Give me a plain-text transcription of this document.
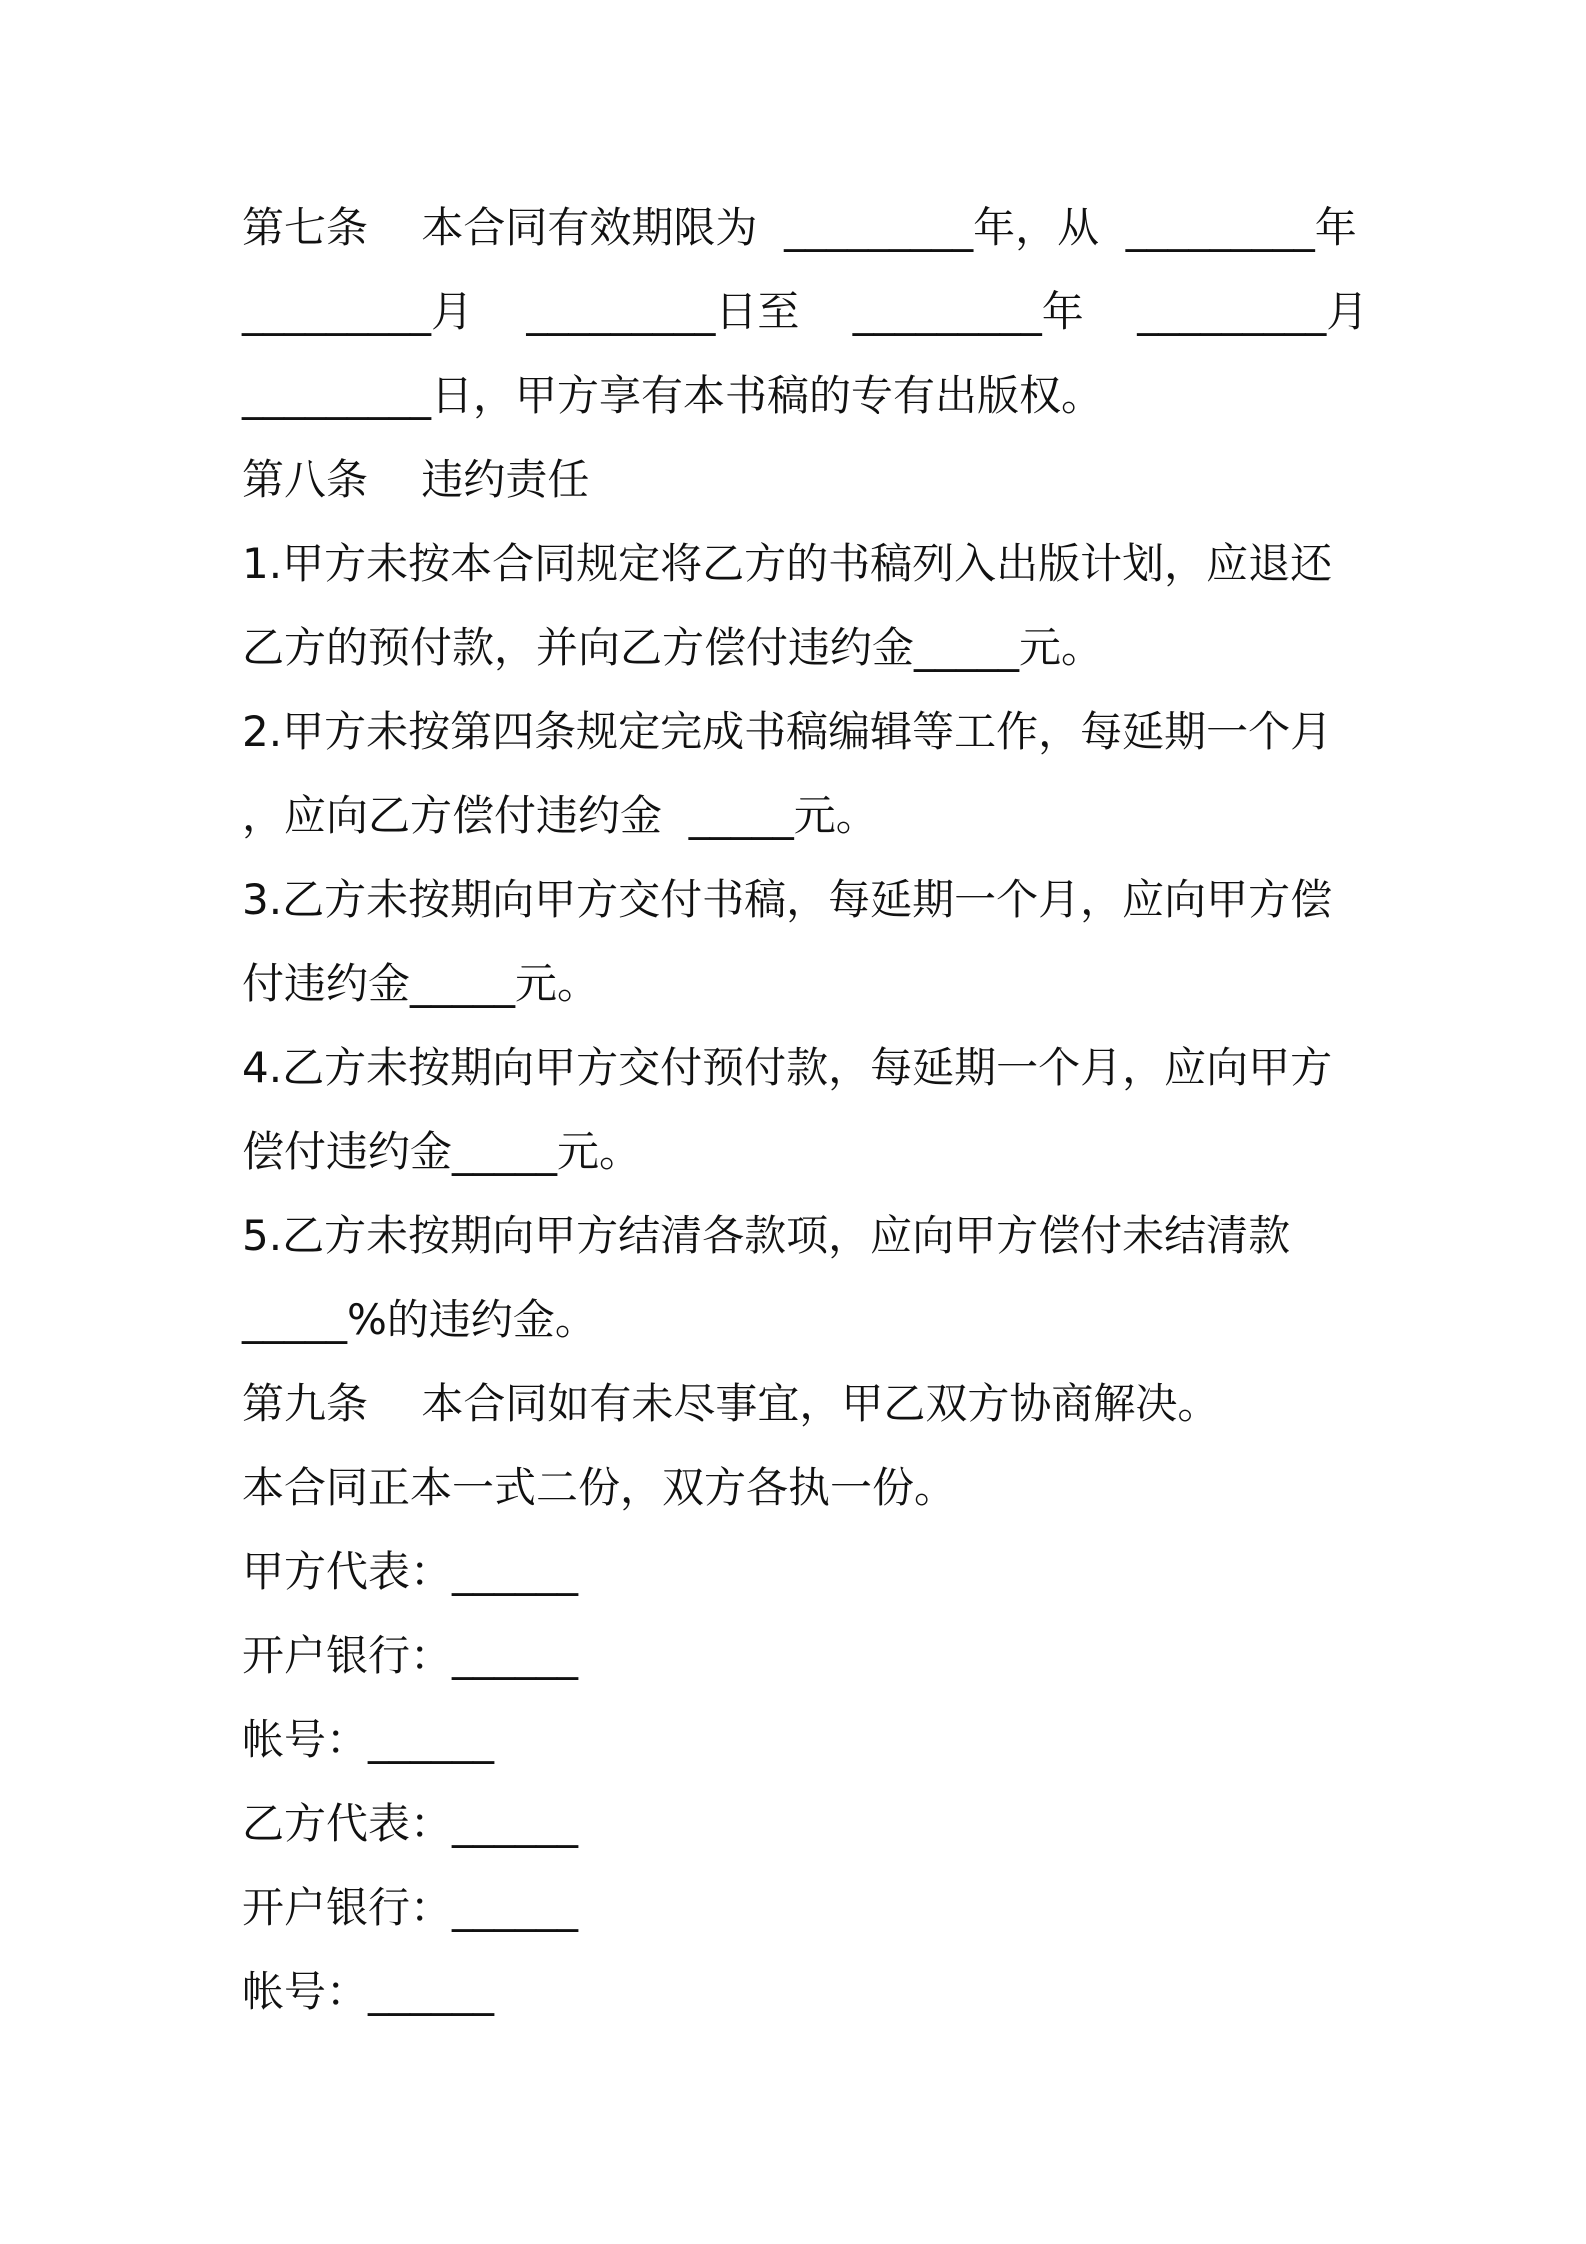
第七条    本合同有效期限为  _________年，从  _________年
_________月    _________日至    _________年    _________月
_________日，甲方享有本书稿的专有出版权。
第八条    违约责任
1.甲方未按本合同规定将乙方的书稿列入出版计划，应退还
乙方的预付款，并向乙方偿付违约金_____元。
2.甲方未按第四条规定完成书稿编辑等工作，每延期一个月
，应向乙方偿付违约金  _____元。
3.乙方未按期向甲方交付书稿，每延期一个月，应向甲方偿
付违约金_____元。
4.乙方未按期向甲方交付预付款，每延期一个月，应向甲方
偿付违约金_____元。
5.乙方未按期向甲方结清各款项，应向甲方偿付未结清款
_____%的违约金。
第九条    本合同如有未尽事宜，甲乙双方协商解决。
本合同正本一式二份，双方各执一份。
甲方代表：______
开户银行：______
帐号：______
乙方代表：______
开户银行：______
帐号：______
